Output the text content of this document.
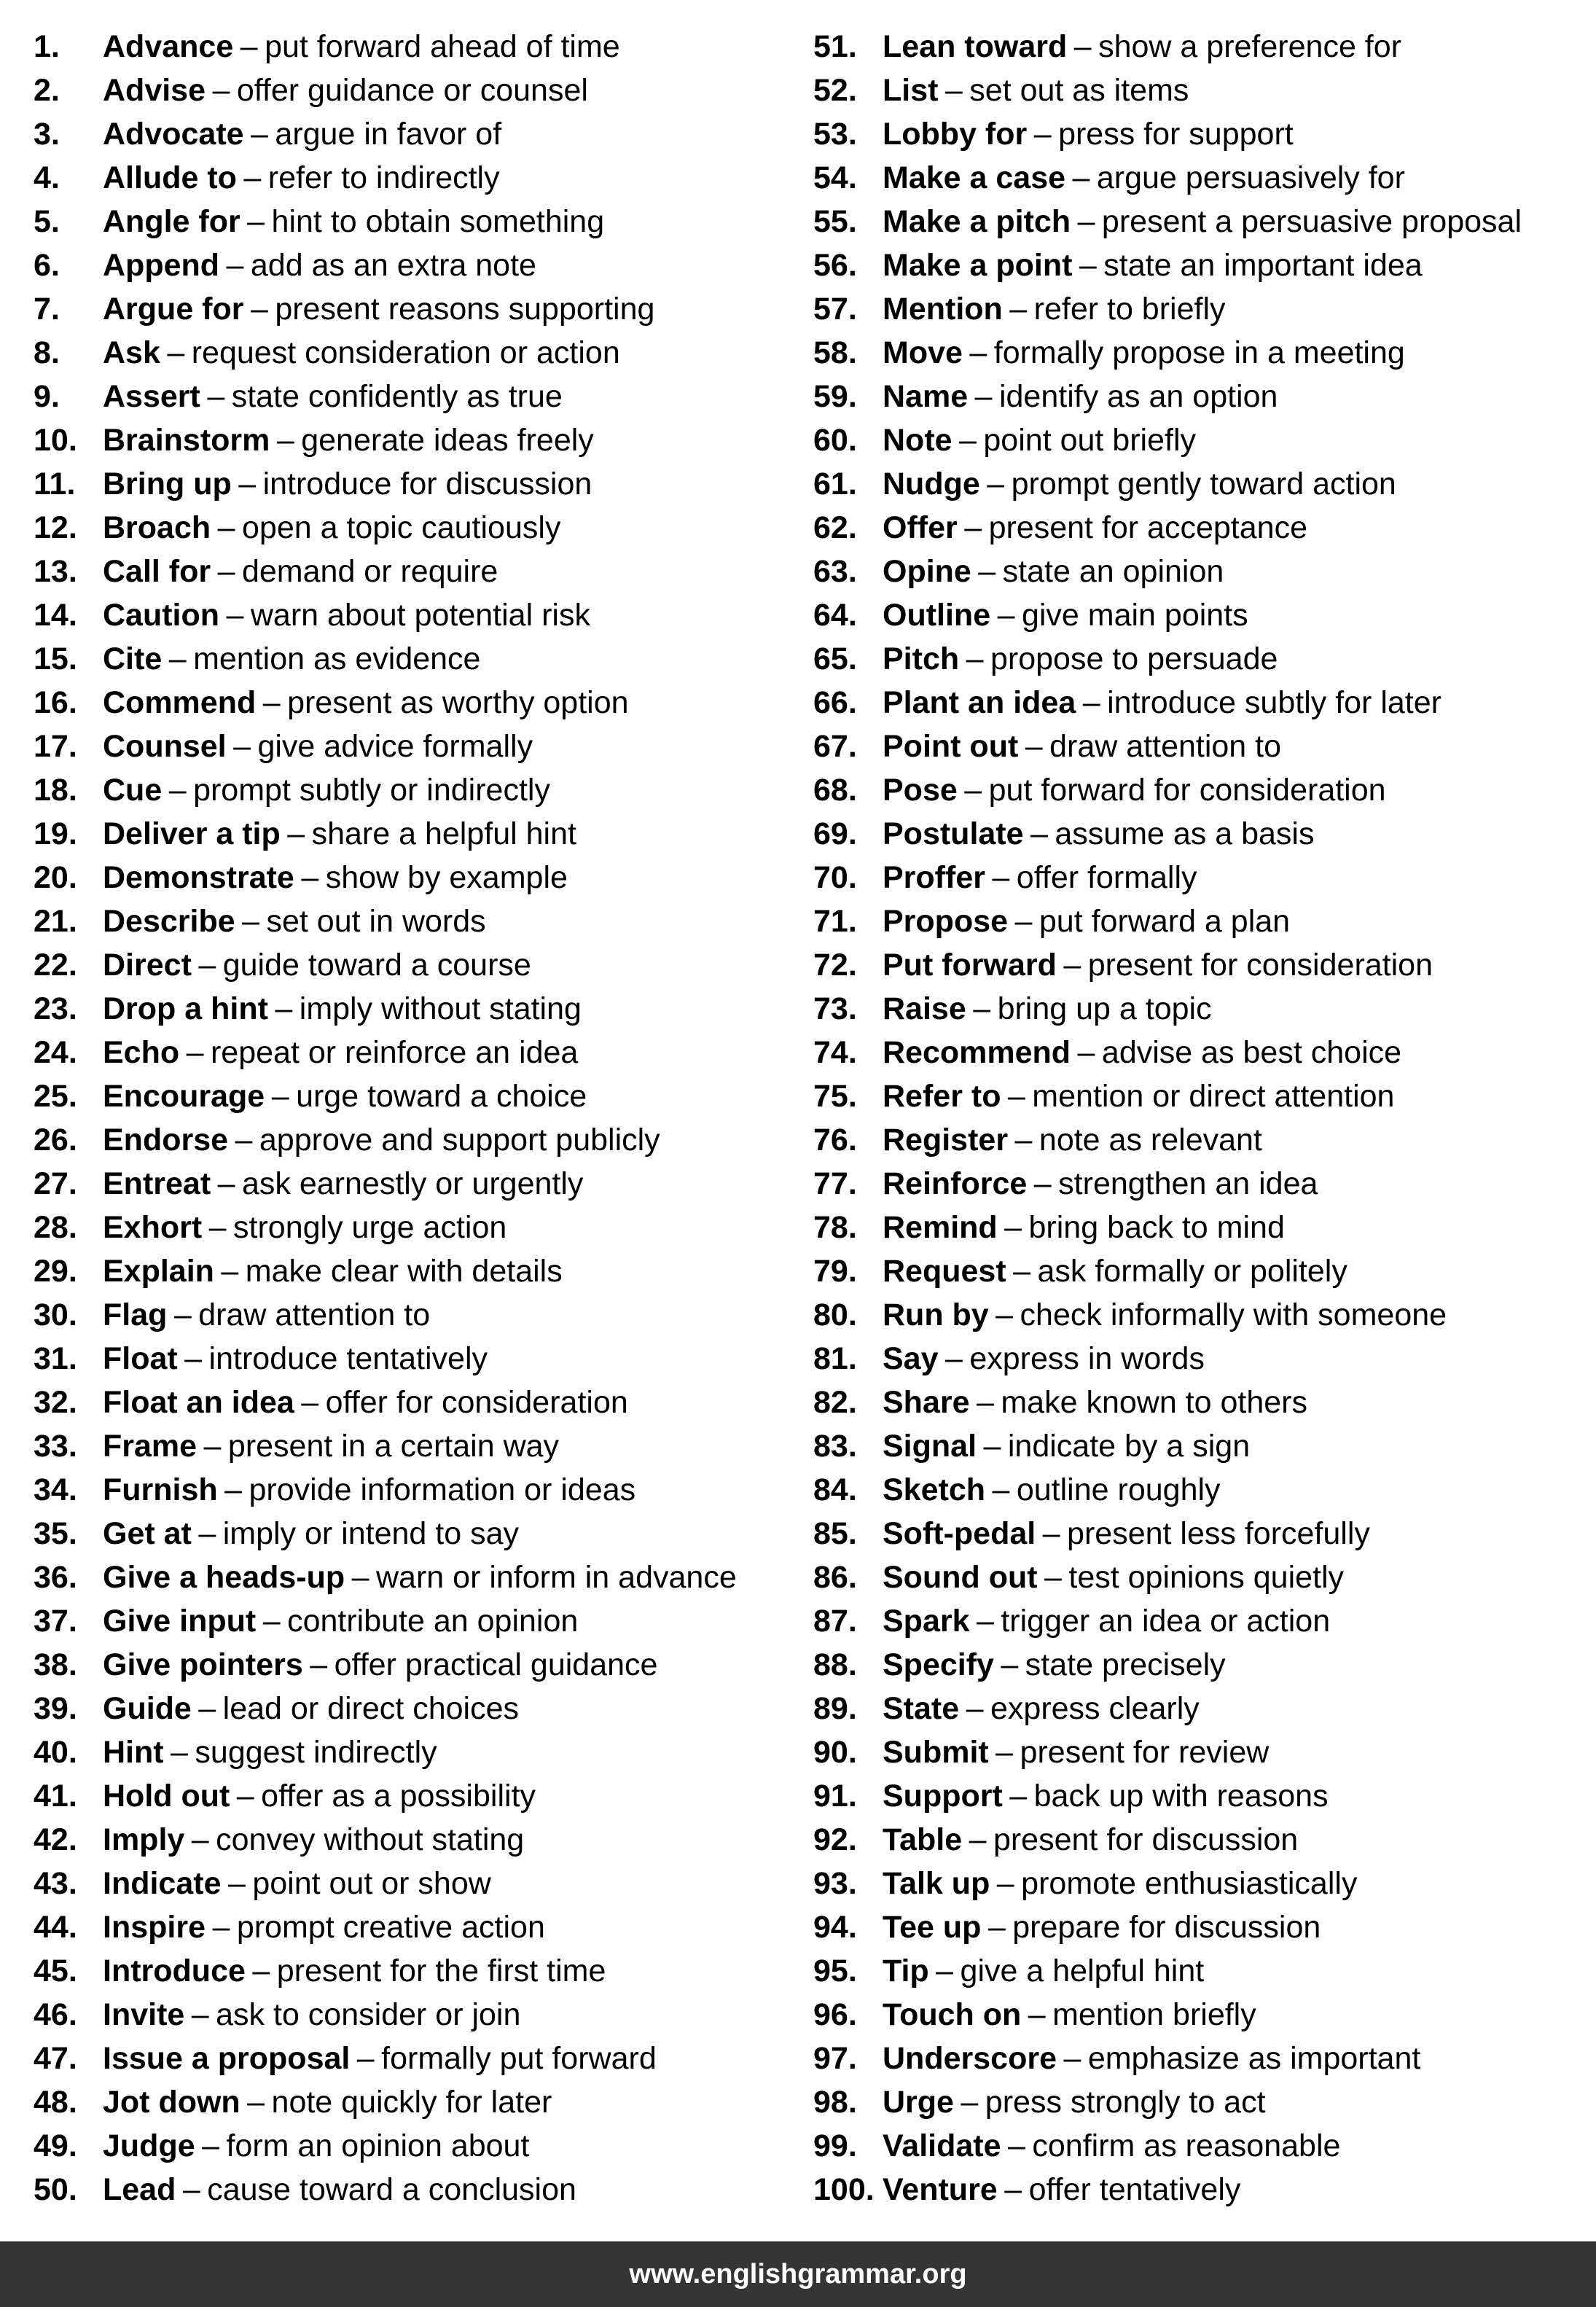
1.	Advance – put forward ahead of time
2.	Advise – offer guidance or counsel
3.	Advocate – argue in favor of
4.	Allude to – refer to indirectly
5.	Angle for – hint to obtain something
6.	Append – add as an extra note
7.	Argue for – present reasons supporting
8.	Ask – request consideration or action
9.	Assert – state confidently as true
10. Brainstorm – generate ideas freely
11. Bring up – introduce for discussion
12. Broach – open a topic cautiously
13. Call for – demand or require
14. Caution – warn about potential risk
15. Cite – mention as evidence
16. Commend – present as worthy option
17. Counsel – give advice formally
18. Cue – prompt subtly or indirectly
19. Deliver a tip – share a helpful hint
20. Demonstrate – show by example
21. Describe – set out in words
22. Direct – guide toward a course
23. Drop a hint – imply without stating
24. Echo – repeat or reinforce an idea
25. Encourage – urge toward a choice
26. Endorse – approve and support publicly
27. Entreat – ask earnestly or urgently
28. Exhort – strongly urge action
29. Explain – make clear with details
30. Flag – draw attention to
31. Float – introduce tentatively
32. Float an idea – offer for consideration
33. Frame – present in a certain way
34. Furnish – provide information or ideas
35. Get at – imply or intend to say
36. Give a heads-up – warn or inform in advance
37. Give input – contribute an opinion
38. Give pointers – offer practical guidance
39. Guide – lead or direct choices
40. Hint – suggest indirectly
41. Hold out – offer as a possibility
42. Imply – convey without stating
43. Indicate – point out or show
44. Inspire – prompt creative action
45. Introduce – present for the first time
46. Invite – ask to consider or join
47. Issue a proposal – formally put forward
48. Jot down – note quickly for later
49. Judge – form an opinion about
50. Lead – cause toward a conclusion
51. Lean toward – show a preference for
52. List – set out as items
53. Lobby for – press for support
54. Make a case – argue persuasively for
55. Make a pitch – present a persuasive proposal
56. Make a point – state an important idea
57. Mention – refer to briefly
58. Move – formally propose in a meeting
59. Name – identify as an option
60. Note – point out briefly
61. Nudge – prompt gently toward action
62. Offer – present for acceptance
63. Opine – state an opinion
64. Outline – give main points
65. Pitch – propose to persuade
66. Plant an idea – introduce subtly for later
67. Point out – draw attention to
68. Pose – put forward for consideration
69. Postulate – assume as a basis
70. Proffer – offer formally
71. Propose – put forward a plan
72. Put forward – present for consideration
73. Raise – bring up a topic
74. Recommend – advise as best choice
75. Refer to – mention or direct attention
76. Register – note as relevant
77. Reinforce – strengthen an idea
78. Remind – bring back to mind
79. Request – ask formally or politely
80. Run by – check informally with someone
81. Say – express in words
82. Share – make known to others
83. Signal – indicate by a sign
84. Sketch – outline roughly
85. Soft-pedal – present less forcefully
86. Sound out – test opinions quietly
87. Spark – trigger an idea or action
88. Specify – state precisely
89. State – express clearly
90. Submit – present for review
91. Support – back up with reasons
92. Table – present for discussion
93. Talk up – promote enthusiastically
94. Tee up – prepare for discussion
95. Tip – give a helpful hint
96. Touch on – mention briefly
97. Underscore – emphasize as important
98. Urge – press strongly to act
99. Validate – confirm as reasonable
100. Venture – offer tentatively
www.englishgrammar.org
